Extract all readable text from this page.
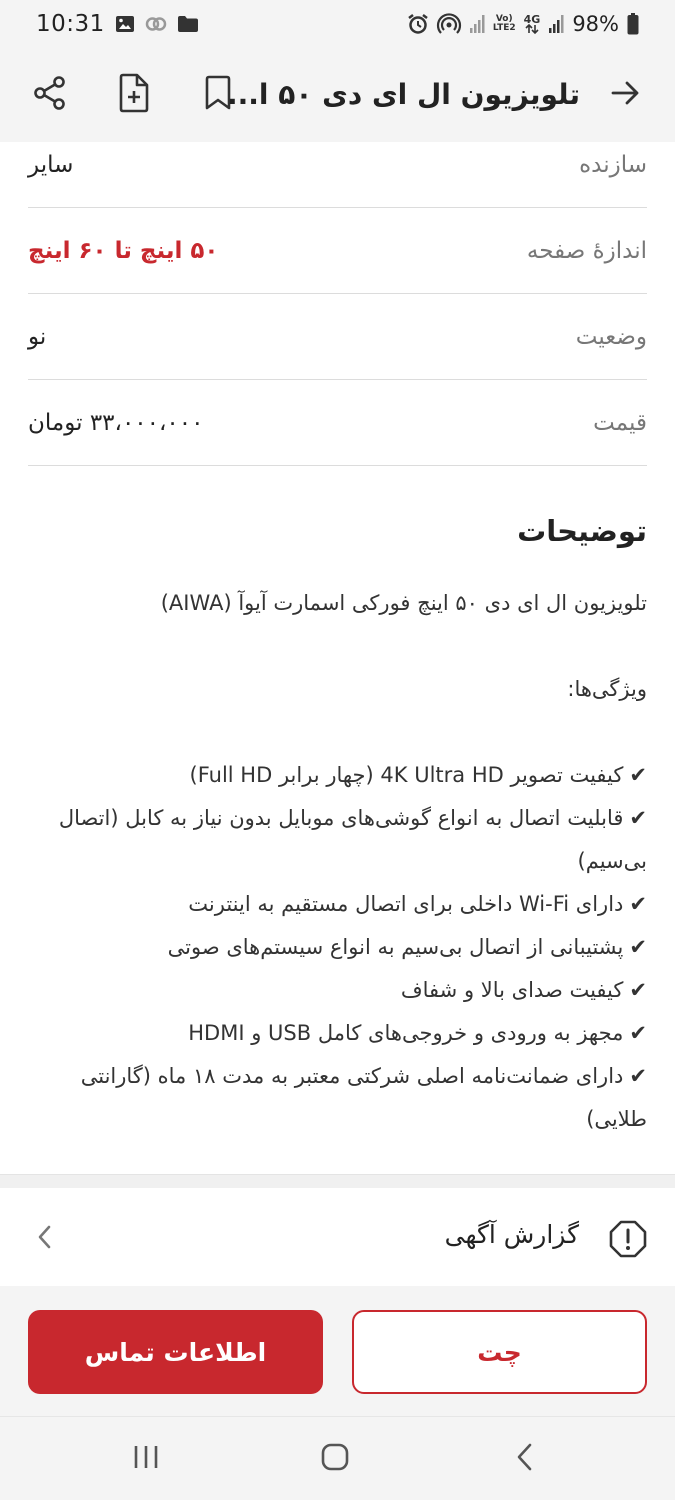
10:31	Vo)
LTE2
4G 98%
تلویزیون ال ای دی ۵۰ ا...
سازنده
سایر
اندازهٔ صفحه
۵۰ اینچ تا ۶۰ اینچ
وضعیت
نو
قیمت
۳۳،۰۰۰،۰۰۰ تومان
توضیحات

تلویزیون ال ای دی ۵۰ اینچ فورکی اسمارت آیوآ (AIWA)

ویژگی‌ها:

✔کیفیت تصویر 4K Ultra HD (چهار برابر Full HD)
✔قابلیت اتصال به انواع گوشی‌های موبایل بدون نیاز به کابل (اتصال بی‌سیم)
✔دارای Wi-Fi داخلی برای اتصال مستقیم به اینترنت
✔پشتیبانی از اتصال بی‌سیم به انواع سیستم‌های صوتی
✔کیفیت صدای بالا و شفاف
✔مجهز به ورودی و خروجی‌های کامل USB و HDMI
✔دارای ضمانت‌نامه اصلی شرکتی معتبر به مدت ۱۸ ماه (گارانتی طلایی)
گزارش آگهی
اطلاعات تماس	چت
